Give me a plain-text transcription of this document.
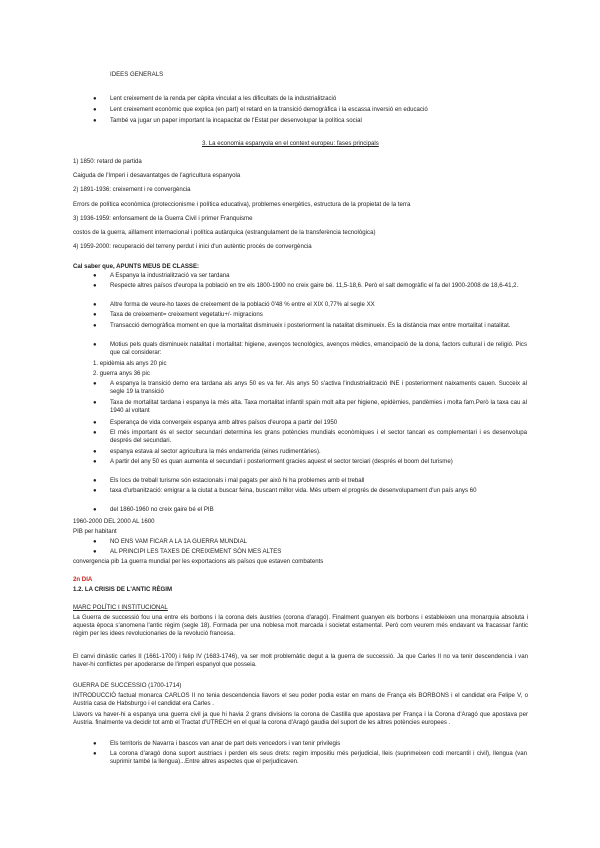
IDEES GENERALS
● Lent creixement de la renda per càpita vinculat a les dificultats de la industrialització
● Lent creixement econòmic que explica (en part) el retard en la transició demogràfica i la escassa inversió en educació
● També va jugar un paper important la incapacitat de l'Estat per desenvolupar la política social
3. La economia espanyola en el context europeu: fases principals
1) 1850: retard de partida
Caiguda de l'Imperi i desavantatges de l'agricultura espanyola
2) 1891-1936: creixement i re convergència
Errors de política econòmica (proteccionisme i política educativa), problemes energètics, estructura de la propietat de la terra
3) 1936-1959: enfonsament de la Guerra Civil i primer Franquisme
costos de la guerra, aïllament internacional i política autàrquica (estrangulament de la transferència tecnològica)
4) 1959-2000: recuperació del terreny perdut i inici d'un autèntic procés de convergència
Cal saber que, APUNTS MEUS DE CLASSE:
● A Espanya la industrialització va ser tardana
● Respecte altres països d'europa la població en tre els 1800-1900 no creix gaire bé. 11,5-18,6. Però el salt demogràfic el fa del 1900-2008 de 18,6-41,2.
● Altre forma de veure-ho taxes de creixement de la població 0'48 % entre el XIX 0,77% al segle XX
● Taxa de creixement= creixement vegetatiu+/- migracions
● Transacció demogràfica moment en que la mortalitat disminueix i posteriorment la natalitat disminueix. Es la distància max entre mortalitat i natalitat.
● Motius pels quals disminueix natalitat i mortalitat: higiene, avenços tecnològics, avenços mèdics, emancipació de la dona, factors cultural i de religió. Pics que cal considerar:
1. epidèmia als anys 20 pic
2. guerra anys 36 pic
● A espanya la transició demo era tardana als anys 50 es va fer. Als anys 50 s'activa l'industrialització INE i posteriorment naixaments cauen. Succeix al segle 19 la transició
● Taxa de mortalitat tardana i espanya la més alta. Taxa mortalitat infantil spain molt alta per higiene, epidèmies, pandèmies i molta fam.Però la taxa cau al 1940 al voltant
● Esperança de vida convergeix espanya amb altres països d'europa a partir del 1950
● El més important és el sector secundari determina les grans potències mundials econòmiques i el sector tancari es complementari i es desenvolupa després del secundari.
● espanya estava al sector agricultura la més endarrerida (eines rudimentàries).
● A partir del any 50 es quan aumenta el secundari i posteriorment gracies aquest el sector terciari (després el boom del turisme)
● Els locs de treball turisme són estacionals i mal pagats per això hi ha problemes amb el treball
● taxa d'urbanització: emigrar a la ciutat a buscar feina, buscant millor vida. Més urbem el progrés de desenvolupament d'un país anys 60
● del 1860-1960 no creix gaire bé el PIB
1960-2000 DEL 2000 AL 1600
PIB per habitant
● NO ENS VAM FICAR A LA 1A GUERRA MUNDIAL
● AL PRINCIPI LES TAXES DE CREIXEMENT SÓN MES ALTES
convergencia pib 1a guerra mundial per les exportacions als països que estaven combatents
2n DIA
1.2. LA CRISIS DE L'ANTIC RÈGIM
MARC POLÍTIC I INSTITUCIONAL
La Guerra de successió fou una entre els borbons i la corona dels àustries (corona d'aragó). Finalment guanyen els borbons i estableixen una monarquia absoluta i aquesta època s'anomena l'antic règim (segle 18). Formada per una noblesa molt marcada i societat estamental. Però com veurem més endavant va fracassar l'antic règim per les idees revolucionaries de la revolució francesa.
El canvi dinàstic carles II (1661-1700) i felip IV (1683-1746), va ser molt problemàtic degut a la guerra de successió. Ja que Carles II no va tenir descendencia i van haver-hi conflictes per apoderarse de l'imperi espanyol que posseia.
GUERRA DE SUCCESSIO (1700-1714)
INTRODUCCIÓ factual monarca CARLOS II no tenia descendencia llavors el seu poder podia estar en mans de França els BORBONS i el candidat era Felipe V, o Austria casa de Habsburgo i el candidat era Carles .
Llavors va haver-hi a espanya una guerra civil ja que hi havia 2 grans divisions la corona de Castilla que apostava per França i la Corona d'Aragó que apostava per Austria. finalmente va decidir tot amb el Tractat d'UTRECH en el qual la corona d'Aragó gaudia del suport de les altres potències europees .
● Els territoris de Navarra i bascos van anar de part dels vencedors i van tenir privilegis
● La corona d'aragó dona suport austriacs i perden els seus drets: regim impositiu més perjudicial, lleis (suprimeixen codi mercantil i civil), llengua (van suprimir també la llengua)...Entre altres aspectes que el perjudicaven.
